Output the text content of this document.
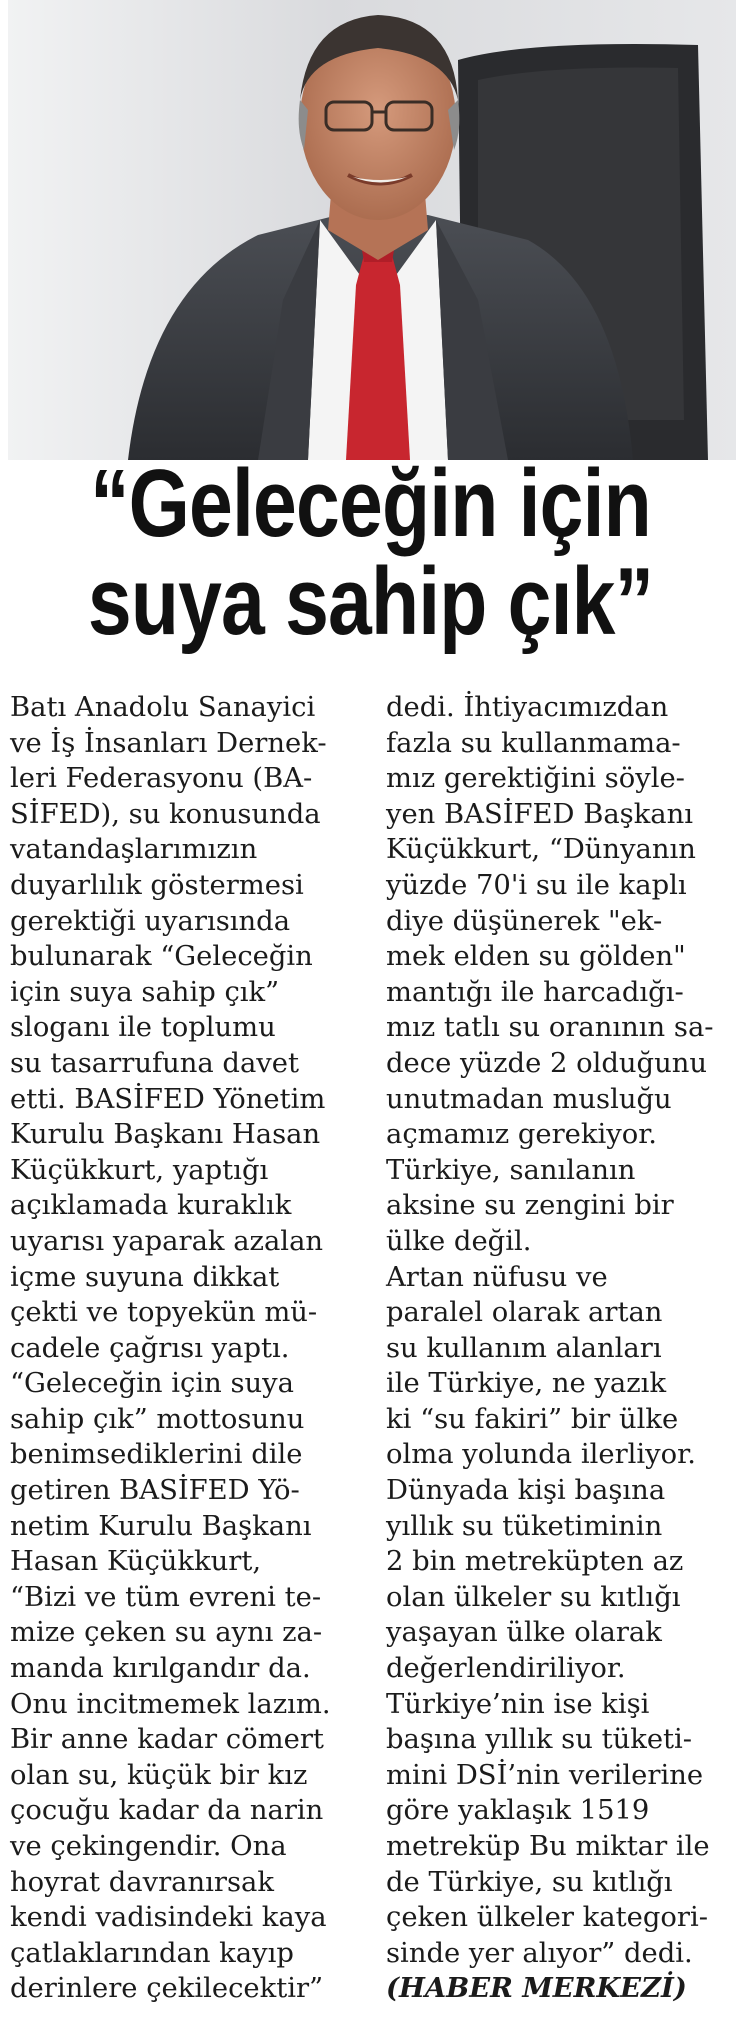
“Geleceğin için
suya sahip çık”
Batı Anadolu Sanayici
ve İş İnsanları Dernek-
leri Federasyonu (BA-
SİFED), su konusunda
vatandaşlarımızın
duyarlılık göstermesi
gerektiği uyarısında
bulunarak “Geleceğin
için suya sahip çık”
sloganı ile toplumu
su tasarrufuna davet
etti. BASİFED Yönetim
Kurulu Başkanı Hasan
Küçükkurt, yaptığı
açıklamada kuraklık
uyarısı yaparak azalan
içme suyuna dikkat
çekti ve topyekün mü-
cadele çağrısı yaptı.
“Geleceğin için suya
sahip çık” mottosunu
benimsediklerini dile
getiren BASİFED Yö-
netim Kurulu Başkanı
Hasan Küçükkurt,
“Bizi ve tüm evreni te-
mize çeken su aynı za-
manda kırılgandır da.
Onu incitmemek lazım.
Bir anne kadar cömert
olan su, küçük bir kız
çocuğu kadar da narin
ve çekingendir. Ona
hoyrat davranırsak
kendi vadisindeki kaya
çatlaklarından kayıp
derinlere çekilecektir”
dedi. İhtiyacımızdan
fazla su kullanmama-
mız gerektiğini söyle-
yen BASİFED Başkanı
Küçükkurt, “Dünyanın
yüzde 70'i su ile kaplı
diye düşünerek "ek-
mek elden su gölden"
mantığı ile harcadığı-
mız tatlı su oranının sa-
dece yüzde 2 olduğunu
unutmadan musluğu
açmamız gerekiyor.
Türkiye, sanılanın
aksine su zengini bir
ülke değil.
Artan nüfusu ve
paralel olarak artan
su kullanım alanları
ile Türkiye, ne yazık
ki “su fakiri” bir ülke
olma yolunda ilerliyor.
Dünyada kişi başına
yıllık su tüketiminin
2 bin metreküpten az
olan ülkeler su kıtlığı
yaşayan ülke olarak
değerlendiriliyor.
Türkiye’nin ise kişi
başına yıllık su tüketi-
mini DSİ’nin verilerine
göre yaklaşık 1519
metreküp Bu miktar ile
de Türkiye, su kıtlığı
çeken ülkeler kategori-
sinde yer alıyor” dedi.
(HABER MERKEZİ)
